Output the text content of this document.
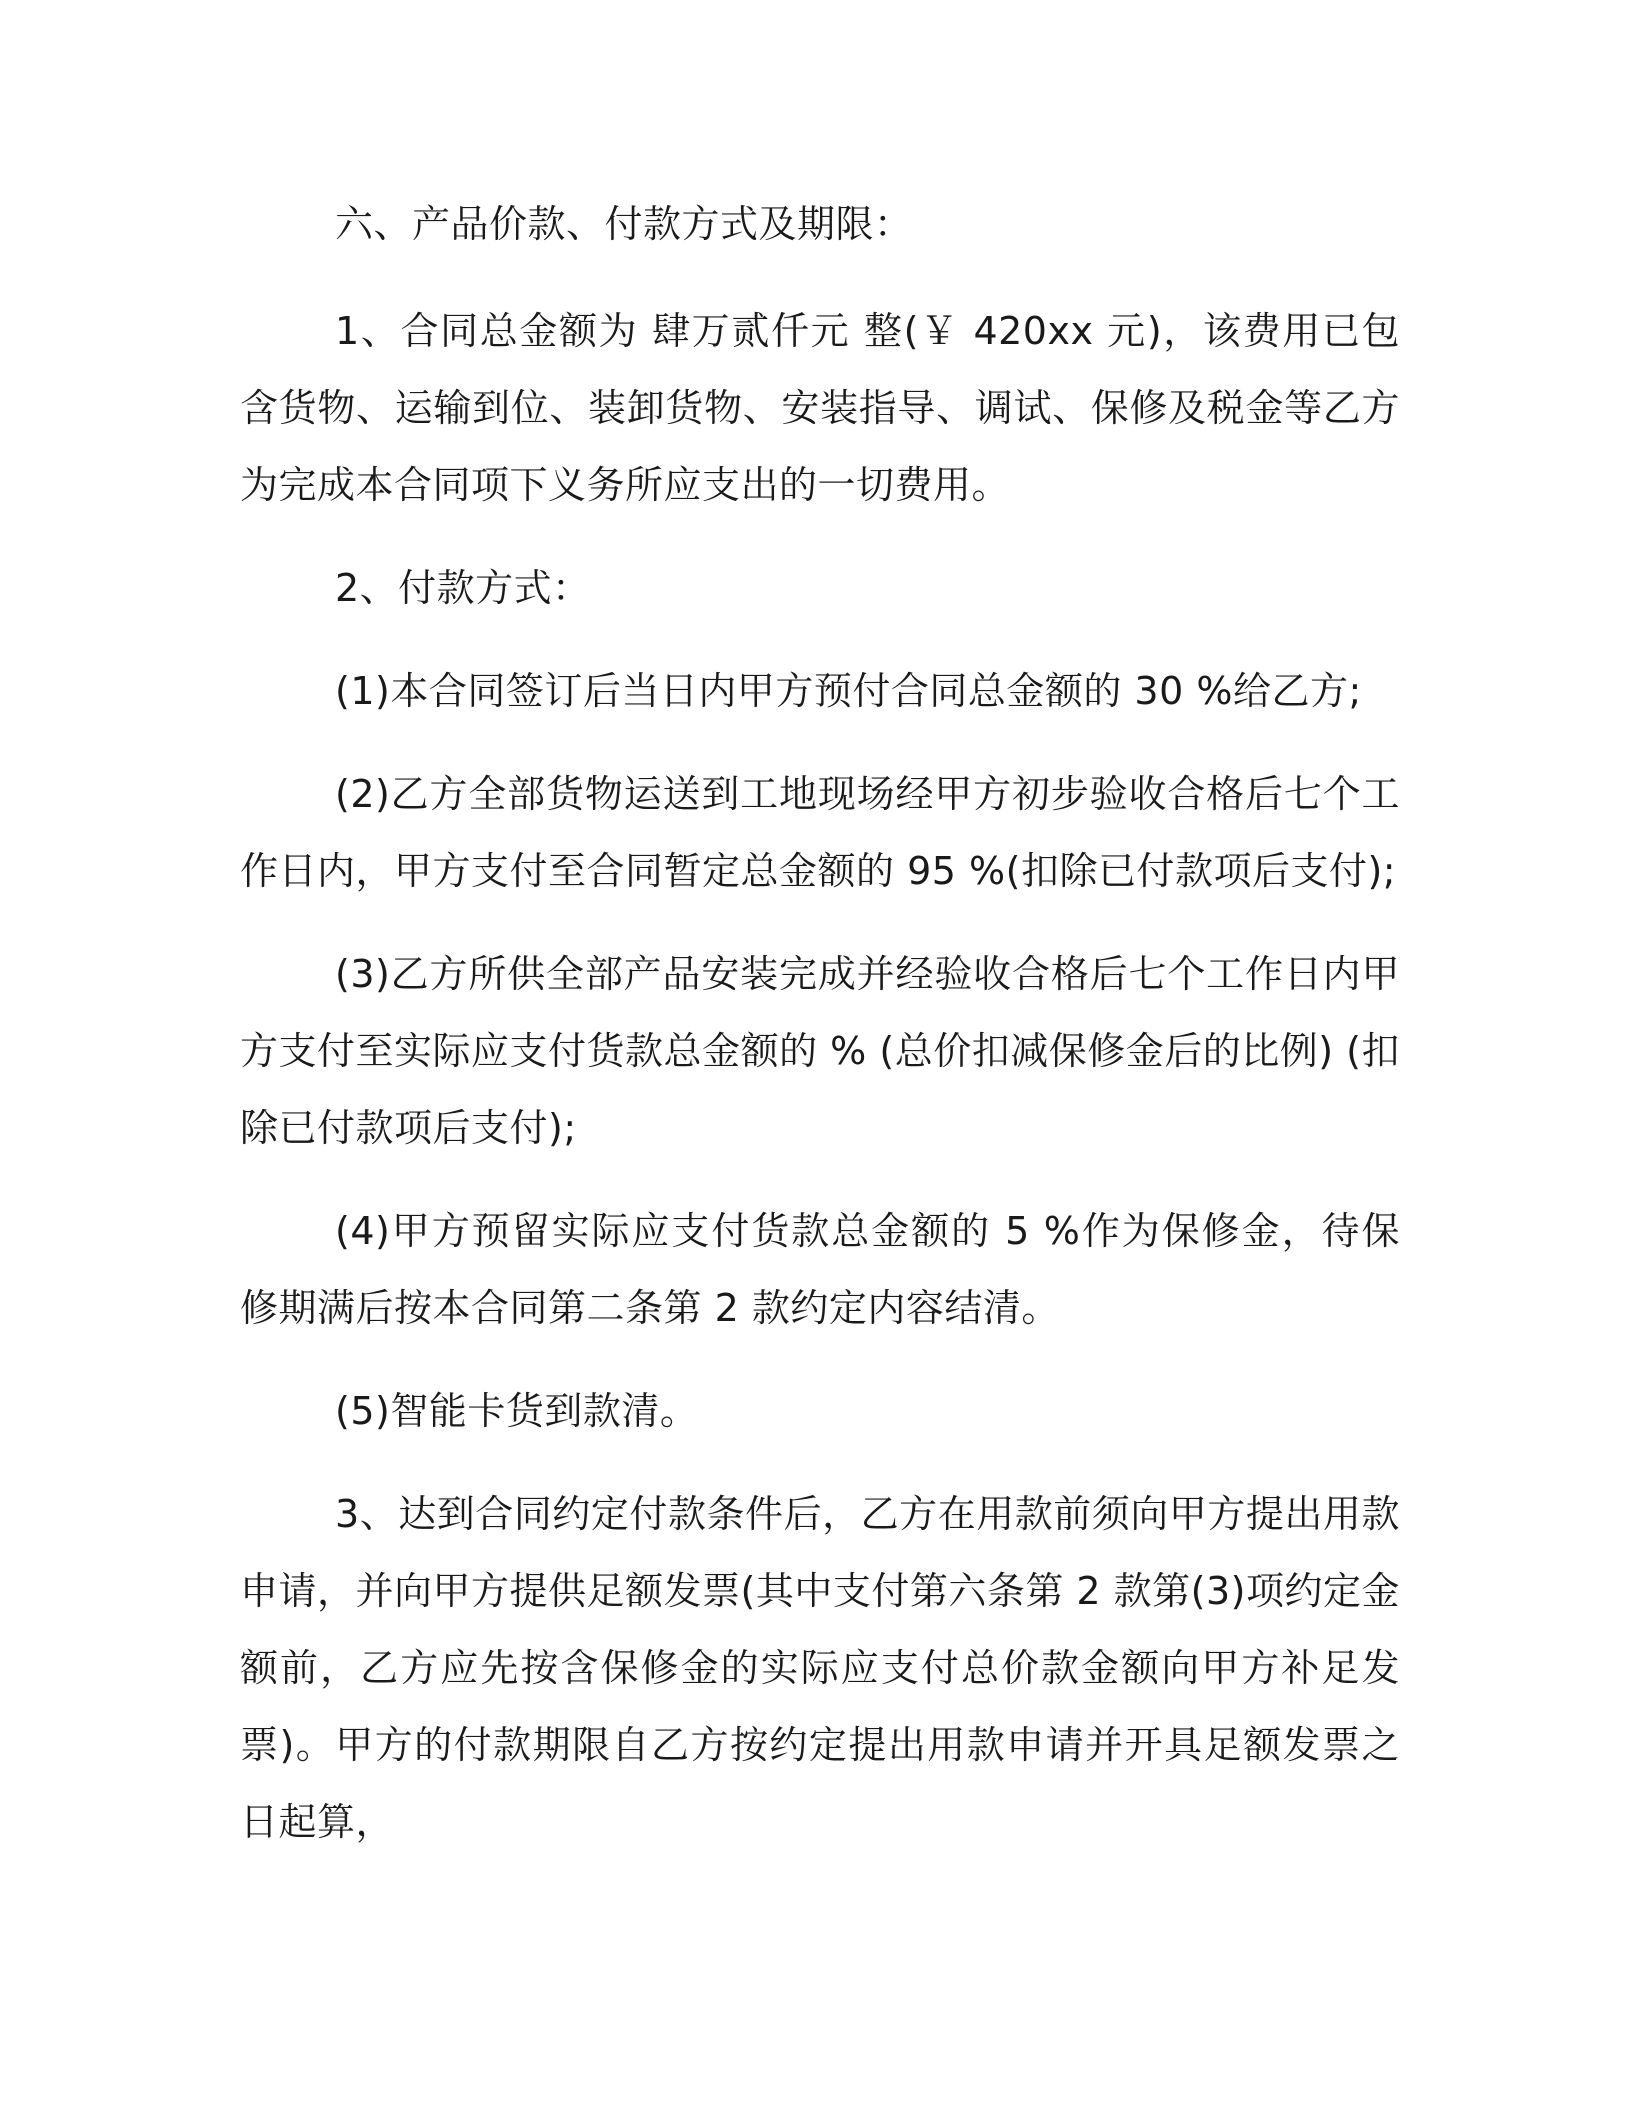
六、产品价款、付款方式及期限：

1、合同总金额为 肆万贰仟元 整(￥ 420xx 元)，该费用已包含货物、运输到位、装卸货物、安装指导、调试、保修及税金等乙方为完成本合同项下义务所应支出的一切费用。

2、付款方式：

(1)本合同签订后当日内甲方预付合同总金额的 30 %给乙方;

(2)乙方全部货物运送到工地现场经甲方初步验收合格后七个工作日内，甲方支付至合同暂定总金额的 95 %(扣除已付款项后支付);

(3)乙方所供全部产品安装完成并经验收合格后七个工作日内甲方支付至实际应支付货款总金额的 % (总价扣减保修金后的比例) (扣除已付款项后支付);

(4)甲方预留实际应支付货款总金额的 5 %作为保修金，待保修期满后按本合同第二条第 2 款约定内容结清。

(5)智能卡货到款清。

3、达到合同约定付款条件后，乙方在用款前须向甲方提出用款申请，并向甲方提供足额发票(其中支付第六条第 2 款第(3)项约定金额前，乙方应先按含保修金的实际应支付总价款金额向甲方补足发票)。甲方的付款期限自乙方按约定提出用款申请并开具足额发票之日起算，
